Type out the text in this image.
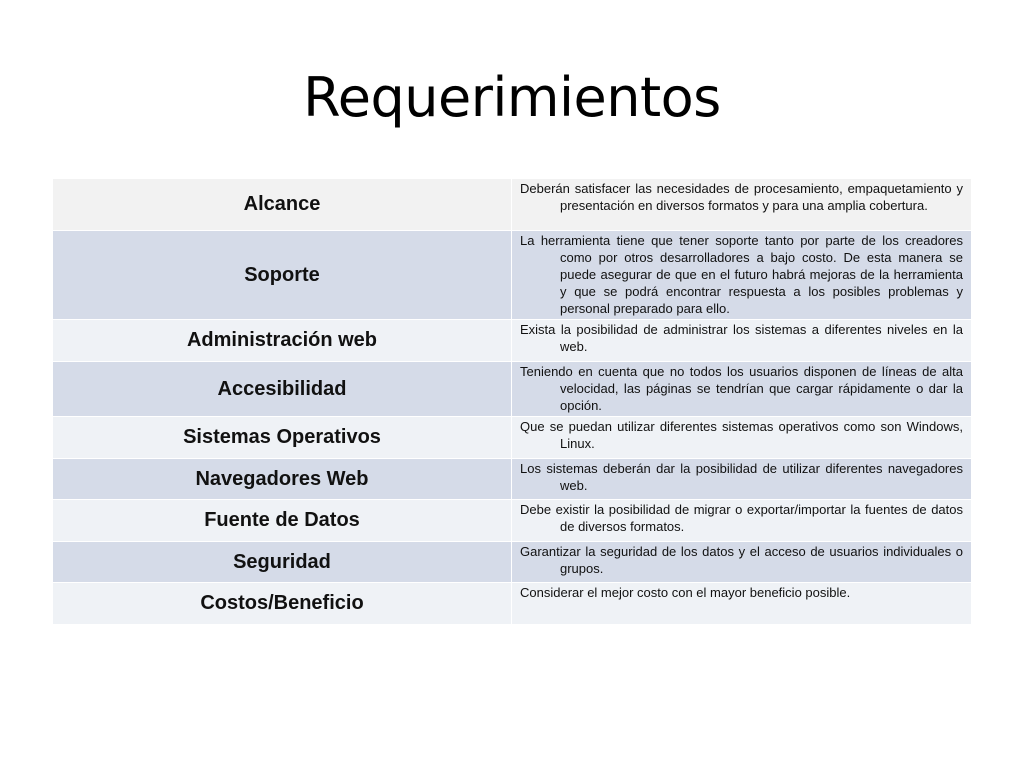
Requerimientos
Alcance	Deberán satisfacer las necesidades de procesamiento, empaquetamiento y presentación en diversos formatos y para una amplia cobertura.

Soporte	La herramienta tiene que tener soporte tanto por parte de los creadores como por otros desarrolladores a bajo costo. De esta manera se puede asegurar de que en el futuro habrá mejoras de la herramienta y que se podrá encontrar respuesta a los posibles problemas y personal preparado para ello.

Administración web	Exista la posibilidad de administrar los sistemas a diferentes niveles en la web.

Accesibilidad	Teniendo en cuenta que no todos los usuarios disponen de líneas de alta velocidad, las páginas se tendrían que cargar rápidamente o dar la opción.

Sistemas Operativos	Que se puedan utilizar diferentes sistemas operativos como son Windows, Linux.

Navegadores Web	Los sistemas deberán dar la posibilidad de utilizar diferentes navegadores web.

Fuente de Datos	Debe existir la posibilidad de migrar o exportar/importar la fuentes de datos de diversos formatos.

Seguridad	Garantizar la seguridad de los datos y el acceso de usuarios individuales o grupos.

Costos/Beneficio	Considerar el mejor costo con el mayor beneficio posible.
